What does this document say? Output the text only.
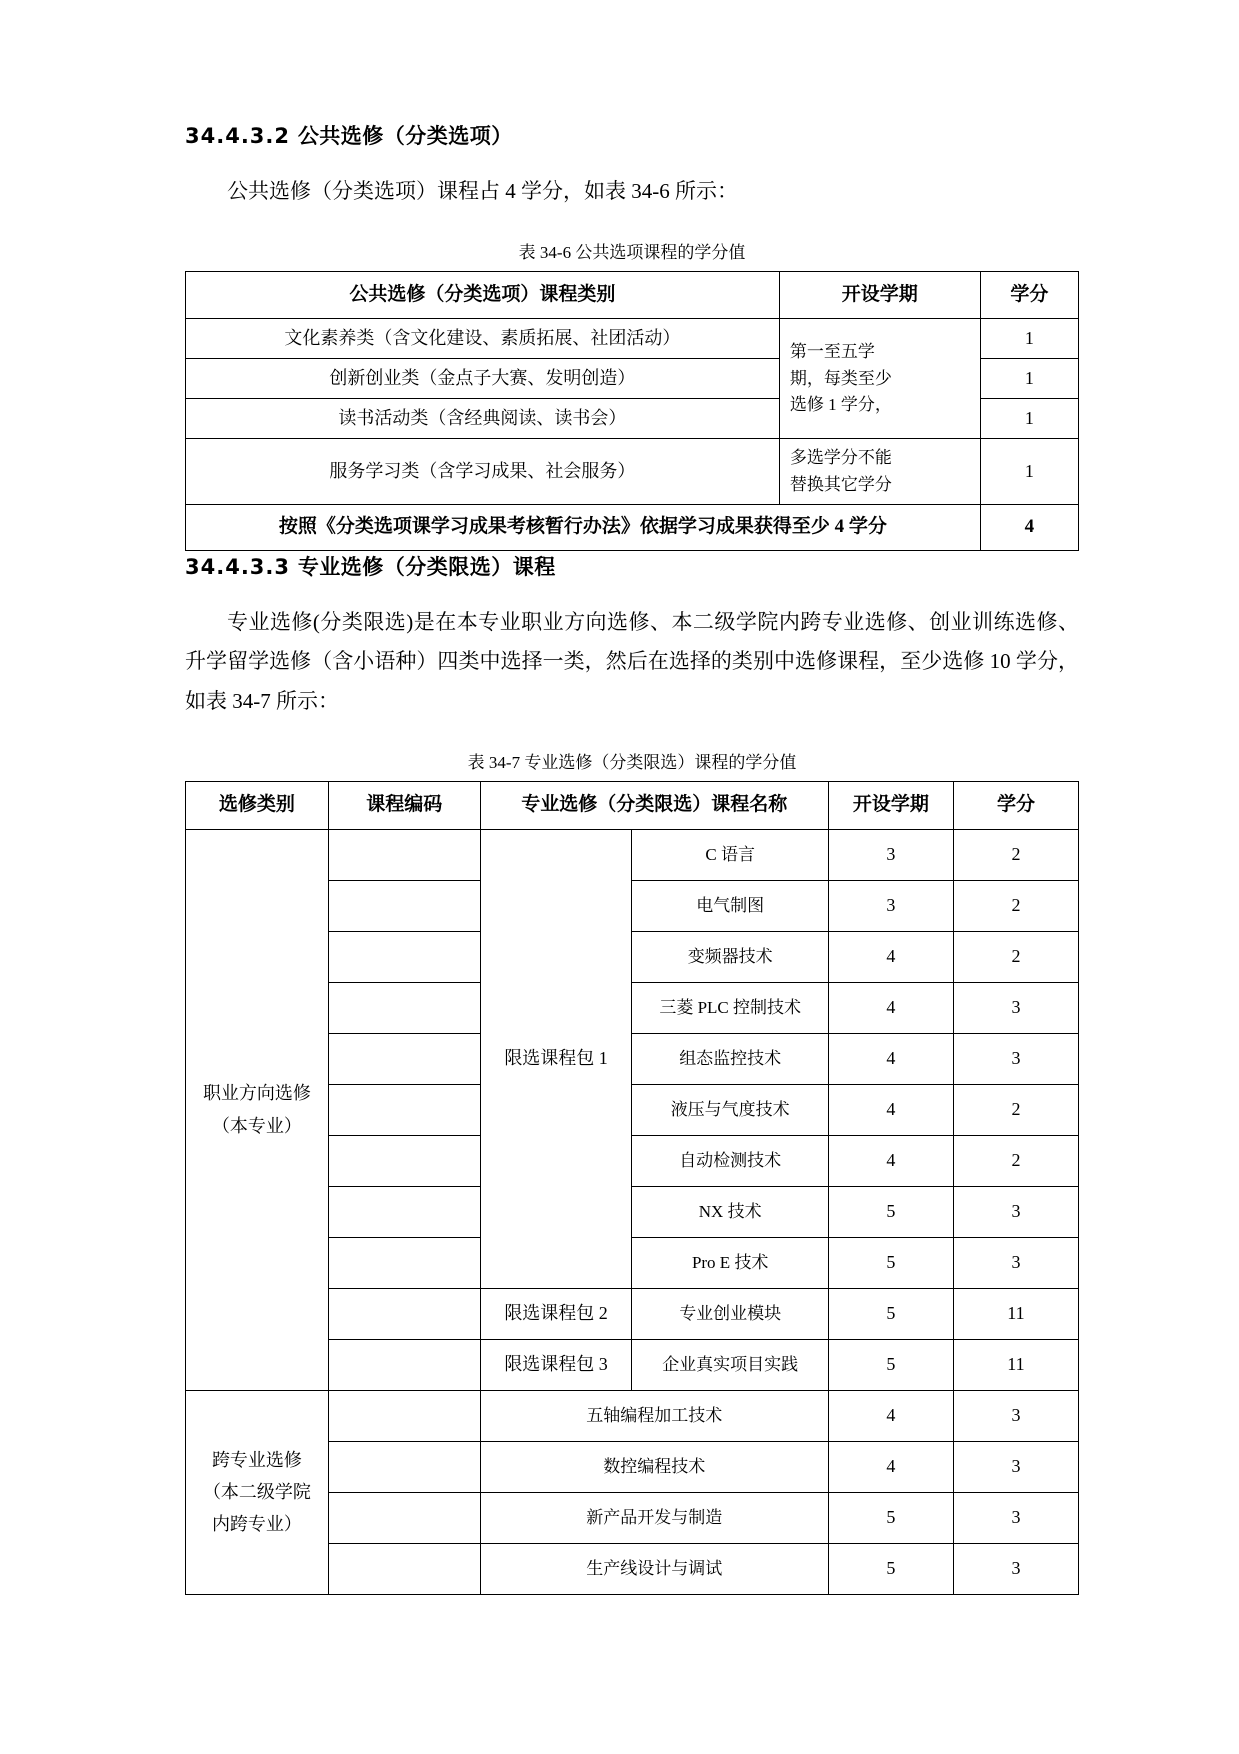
34.4.3.2 公共选修（分类选项）

公共选修（分类选项）课程占 4 学分，如表 34-6 所示：

表 34-6 公共选项课程的学分值
公共选修（分类选项）课程类别	开设学期	学分
文化素养类（含文化建设、素质拓展、社团活动）	第一至五学
期，每类至少
选修 1 学分，	1
创新创业类（金点子大赛、发明创造）		1
读书活动类（含经典阅读、读书会）		1
服务学习类（含学习成果、社会服务）	多选学分不能
替换其它学分	1
按照《分类选项课学习成果考核暂行办法》依据学习成果获得至少 4 学分		4
34.4.3.3 专业选修（分类限选）课程

专业选修(分类限选)是在本专业职业方向选修、本二级学院内跨专业选修、创业训练选修、升学留学选修（含小语种）四类中选择一类，然后在选择的类别中选修课程，至少选修 10 学分，如表 34-7 所示：

表 34-7 专业选修（分类限选）课程的学分值
选修类别	课程编码	专业选修（分类限选）课程名称		开设学期	学分

职业方向选修
（本专业）		限选课程包 1	C 语言	3	2
			电气制图	3	2
			变频器技术	4	2
			三菱 PLC 控制技术	4	3
			组态监控技术	4	3
			液压与气度技术	4	2
			自动检测技术	4	2
			NX 技术	5	3
			Pro E 技术	5	3
		限选课程包 2	专业创业模块	5	11
		限选课程包 3	企业真实项目实践	5	11

跨专业选修
（本二级学院
内跨专业）		五轴编程加工技术		4	3
		数控编程技术		4	3
		新产品开发与制造		5	3
		生产线设计与调试		5	3
